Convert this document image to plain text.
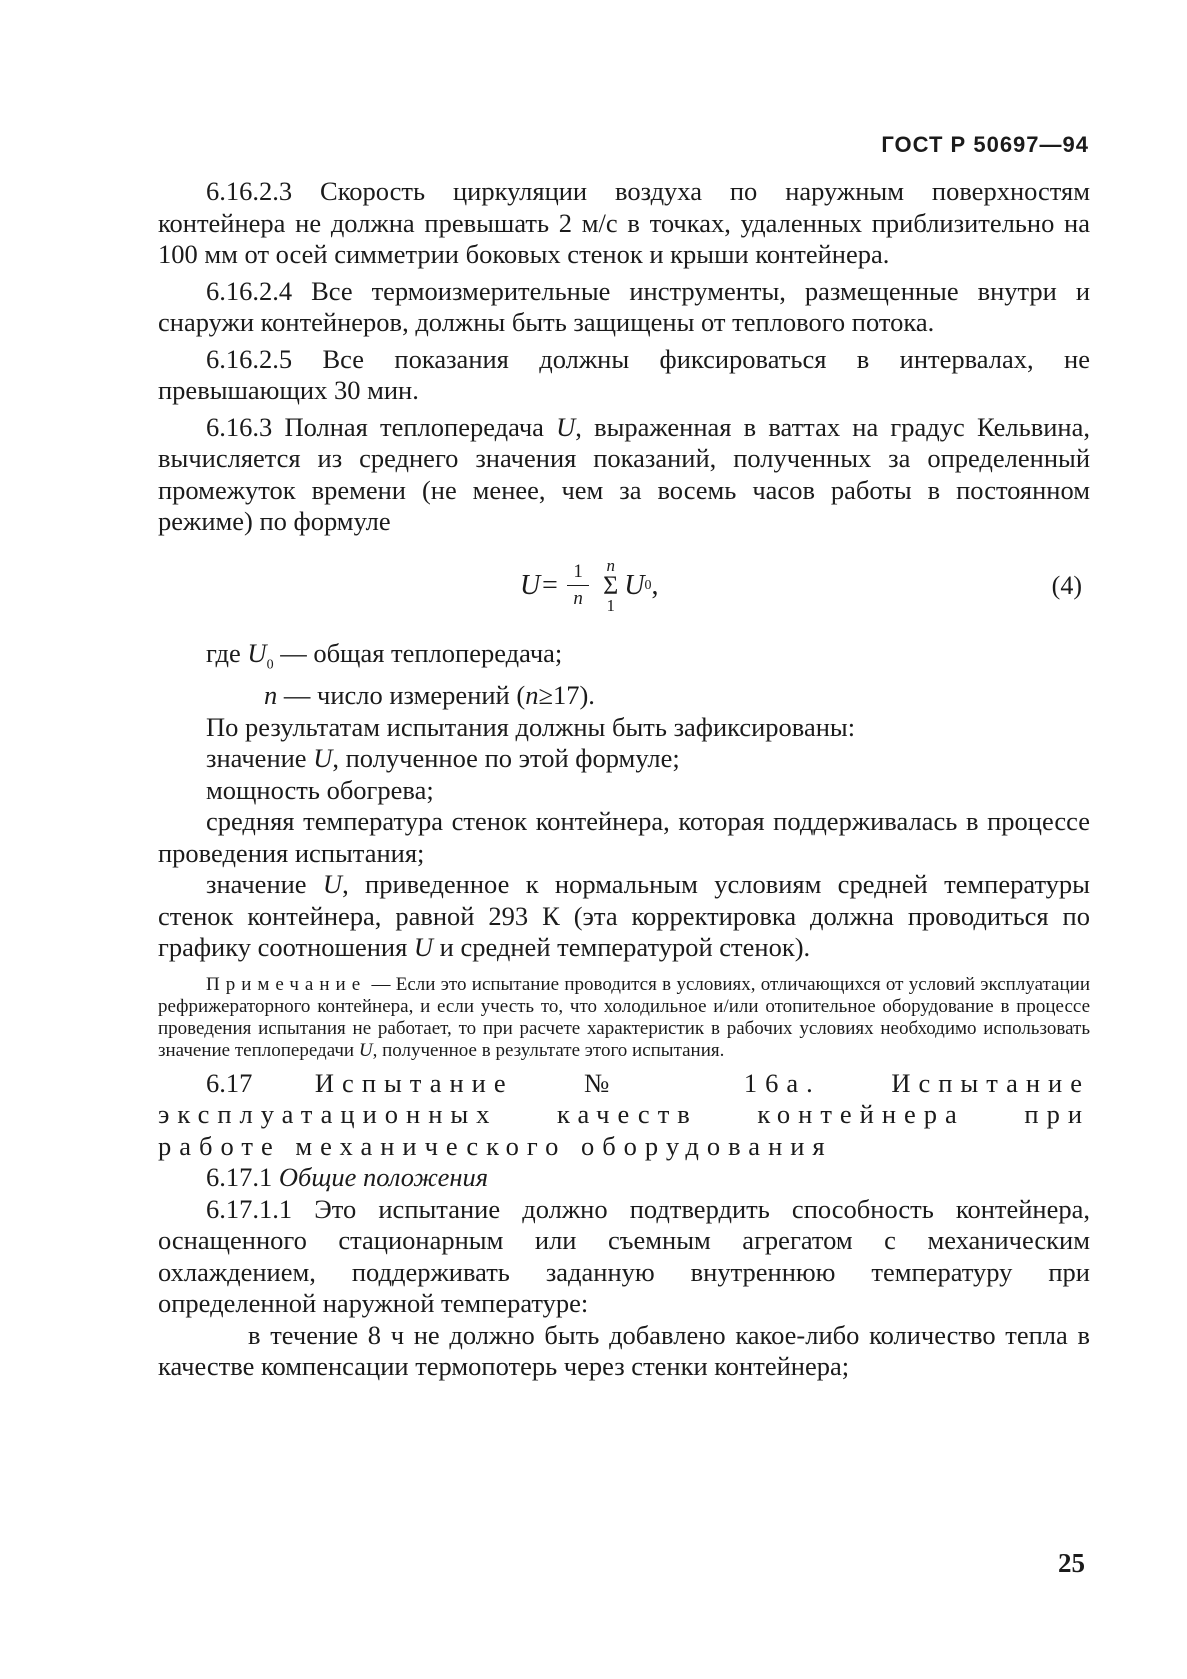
ГОСТ Р 50697—94

6.16.2.3 Скорость циркуляции воздуха по наружным поверхностям контейнера не должна превышать 2 м/с в точках, удаленных приблизительно на 100 мм от осей симметрии боковых стенок и крыши контейнера.

6.16.2.4 Все термоизмерительные инструменты, размещенные внутри и снаружи контейнеров, должны быть защищены от теплового потока.

6.16.2.5 Все показания должны фиксироваться в интервалах, не превышающих 30 мин.

6.16.3 Полная теплопередача U, выраженная в ваттах на градус Кельвина, вычисляется из среднего значения показаний, полученных за определенный промежуток времени (не менее, чем за восемь часов работы в постоянном режиме) по формуле

$U= \frac{1}{n}$ n
Σ
1
U 0 ,	(4)

где $U_0$ — общая теплопередача;

n — число измерений (n≥17).

По результатам испытания должны быть зафиксированы:

значение U, полученное по этой формуле;

мощность обогрева;

средняя температура стенок контейнера, которая поддерживалась в процессе проведения испытания;

значение U, приведенное к нормальным условиям средней температуры стенок контейнера, равной 293 К (эта корректировка должна проводиться по графику соотношения U и средней температурой стенок).

Примечание — Если это испытание проводится в условиях, отличающихся от условий эксплуатации рефрижераторного контейнера, и если учесть то, что холодильное и/или отопительное оборудование в процессе проведения испытания не работает, то при расчете характеристик в рабочих условиях необходимо использовать значение теплопередачи U, полученное в результате этого испытания.

6.17 Испытание № 16а. Испытание эксплуатационных качеств контейнера при работе механического оборудования

6.17.1 Общие положения

6.17.1.1 Это испытание должно подтвердить способность контейнера, оснащенного стационарным или съемным агрегатом с механическим охлаждением, поддерживать заданную внутреннюю температуру при определенной наружной температуре:

в течение 8 ч не должно быть добавлено какое-либо количество тепла в качестве компенсации термопотерь через стенки контейнера;

25
